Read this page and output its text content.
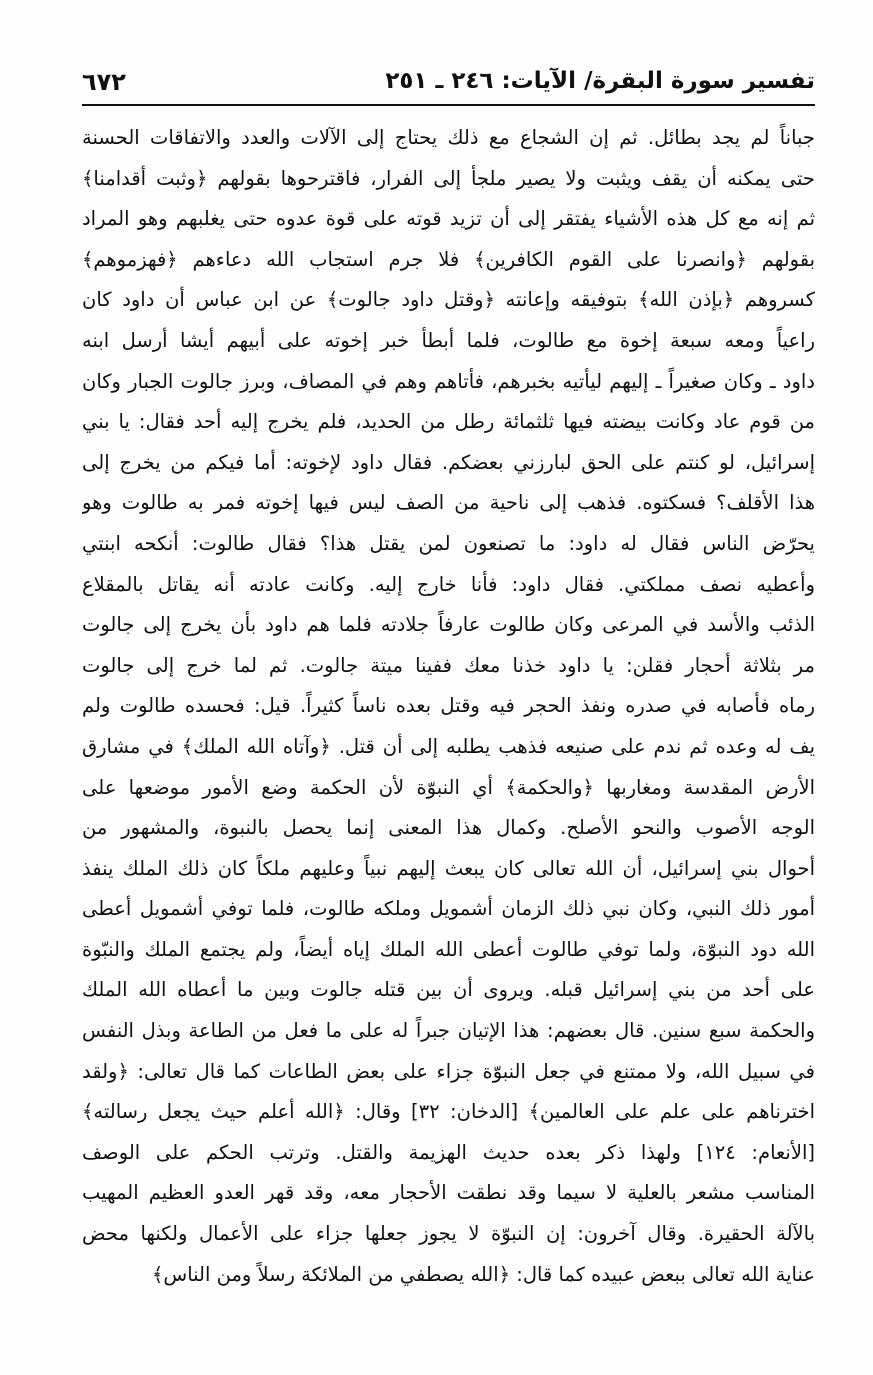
٦٧٢	تفسير سورة البقرة/ الآيات: ٢٤٦ ـ ٢٥١
جباناً لم يجد بطائل. ثم إن الشجاع مع ذلك يحتاج إلى الآلات والعدد والاتفاقات الحسنة
حتى يمكنه أن يقف ويثبت ولا يصير ملجأ إلى الفرار، فاقترحوها بقولهم ﴿وثبت أقدامنا﴾
ثم إنه مع كل هذه الأشياء يفتقر إلى أن تزيد قوته على قوة عدوه حتى يغلبهم وهو المراد
بقولهم ﴿وانصرنا على القوم الكافرين﴾ فلا جرم استجاب الله دعاءهم ﴿فهزموهم﴾
كسروهم ﴿بإذن الله﴾ بتوفيقه وإعانته ﴿وقتل داود جالوت﴾ عن ابن عباس أن داود كان
راعياً ومعه سبعة إخوة مع طالوت، فلما أبطأ خبر إخوته على أبيهم أيشا أرسل ابنه
داود ـ وكان صغيراً ـ إليهم ليأتيه بخبرهم، فأتاهم وهم في المصاف، وبرز جالوت الجبار وكان
من قوم عاد وكانت بيضته فيها ثلثمائة رطل من الحديد، فلم يخرج إليه أحد فقال: يا بني
إسرائيل، لو كنتم على الحق لبارزني بعضكم. فقال داود لإخوته: أما فيكم من يخرج إلى
هذا الأقلف؟ فسكتوه. فذهب إلى ناحية من الصف ليس فيها إخوته فمر به طالوت وهو
يحرّض الناس فقال له داود: ما تصنعون لمن يقتل هذا؟ فقال طالوت: أنكحه ابنتي
وأعطيه نصف مملكتي. فقال داود: فأنا خارج إليه. وكانت عادته أنه يقاتل بالمقلاع
الذئب والأسد في المرعى وكان طالوت عارفاً جلادته فلما هم داود بأن يخرج إلى جالوت
مر بثلاثة أحجار فقلن: يا داود خذنا معك ففينا ميتة جالوت. ثم لما خرج إلى جالوت
رماه فأصابه في صدره ونفذ الحجر فيه وقتل بعده ناساً كثيراً. قيل: فحسده طالوت ولم
يف له وعده ثم ندم على صنيعه فذهب يطلبه إلى أن قتل. ﴿وآتاه الله الملك﴾ في مشارق
الأرض المقدسة ومغاربها ﴿والحكمة﴾ أي النبوّة لأن الحكمة وضع الأمور موضعها على
الوجه الأصوب والنحو الأصلح. وكمال هذا المعنى إنما يحصل بالنبوة، والمشهور من
أحوال بني إسرائيل، أن الله تعالى كان يبعث إليهم نبياً وعليهم ملكاً كان ذلك الملك ينفذ
أمور ذلك النبي، وكان نبي ذلك الزمان أشمويل وملكه طالوت، فلما توفي أشمويل أعطى
الله دود النبوّة، ولما توفي طالوت أعطى الله الملك إياه أيضاً، ولم يجتمع الملك والنبّوة
على أحد من بني إسرائيل قبله. ويروى أن بين قتله جالوت وبين ما أعطاه الله الملك
والحكمة سبع سنين. قال بعضهم: هذا الإتيان جبراً له على ما فعل من الطاعة وبذل النفس
في سبيل الله، ولا ممتنع في جعل النبوّة جزاء على بعض الطاعات كما قال تعالى: ﴿ولقد
اخترناهم على علم على العالمين﴾ [الدخان: ٣٢] وقال: ﴿الله أعلم حيث يجعل رسالته﴾
[الأنعام: ١٢٤] ولهذا ذكر بعده حديث الهزيمة والقتل. وترتب الحكم على الوصف
المناسب مشعر بالعلية لا سيما وقد نطقت الأحجار معه، وقد قهر العدو العظيم المهيب
بالآلة الحقيرة. وقال آخرون: إن النبوّة لا يجوز جعلها جزاء على الأعمال ولكنها محض
عناية الله تعالى ببعض عبيده كما قال: ﴿الله يصطفي من الملائكة رسلاً ومن الناس﴾
